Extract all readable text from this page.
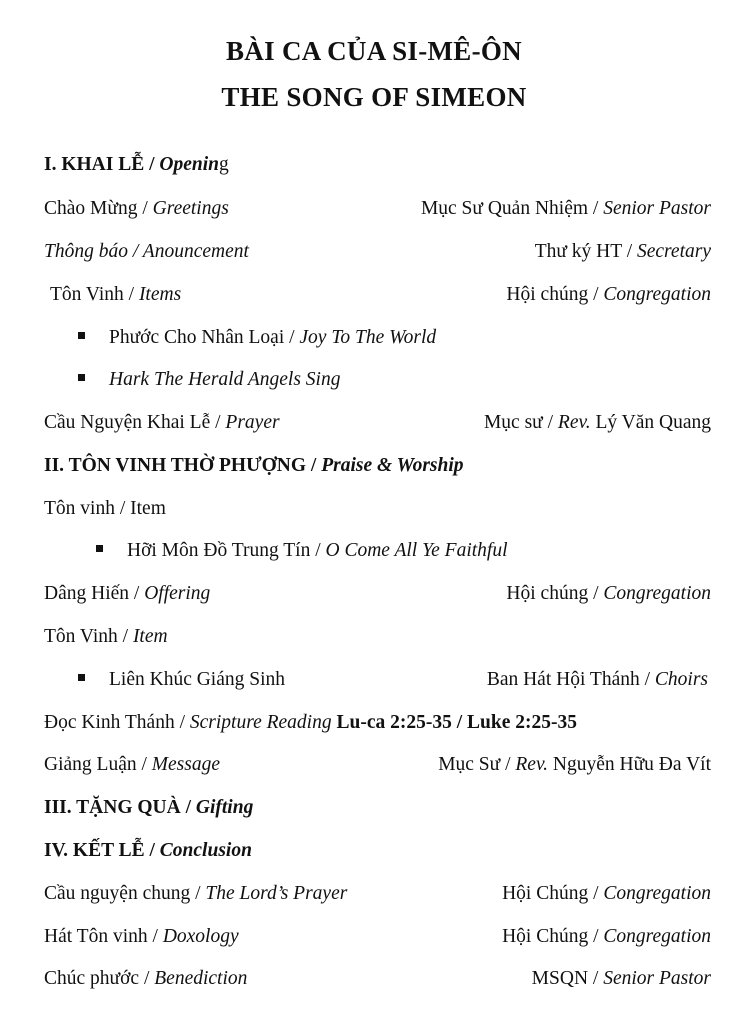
BÀI CA CỦA SI-MÊ-ÔN
THE SONG OF SIMEON
I. KHAI LỄ / Opening
Chào Mừng / Greetings	Mục Sư Quản Nhiệm / Senior Pastor
Thông báo / Anouncement	Thư ký HT / Secretary
Tôn Vinh / Items	Hội chúng / Congregation
Phước Cho Nhân Loại / Joy To The World
Hark The Herald Angels Sing
Cầu Nguyện Khai Lễ / Prayer	Mục sư / Rev. Lý Văn Quang
II. TÔN VINH THỜ PHƯỢNG / Praise & Worship
Tôn vinh / Item
Hỡi Môn Đồ Trung Tín / O Come All Ye Faithful
Dâng Hiến / Offering	Hội chúng / Congregation
Tôn Vinh / Item
Liên Khúc Giáng Sinh	Ban Hát Hội Thánh / Choirs
Đọc Kinh Thánh / Scripture Reading Lu-ca 2:25-35 / Luke 2:25-35
Giảng Luận / Message	Mục Sư / Rev. Nguyễn Hữu Đa Vít
III. TẶNG QUÀ / Gifting
IV. KẾT LỄ / Conclusion
Cầu nguyện chung / The Lord’s Prayer	Hội Chúng / Congregation
Hát Tôn vinh / Doxology	Hội Chúng / Congregation
Chúc phước / Benediction	MSQN / Senior Pastor
